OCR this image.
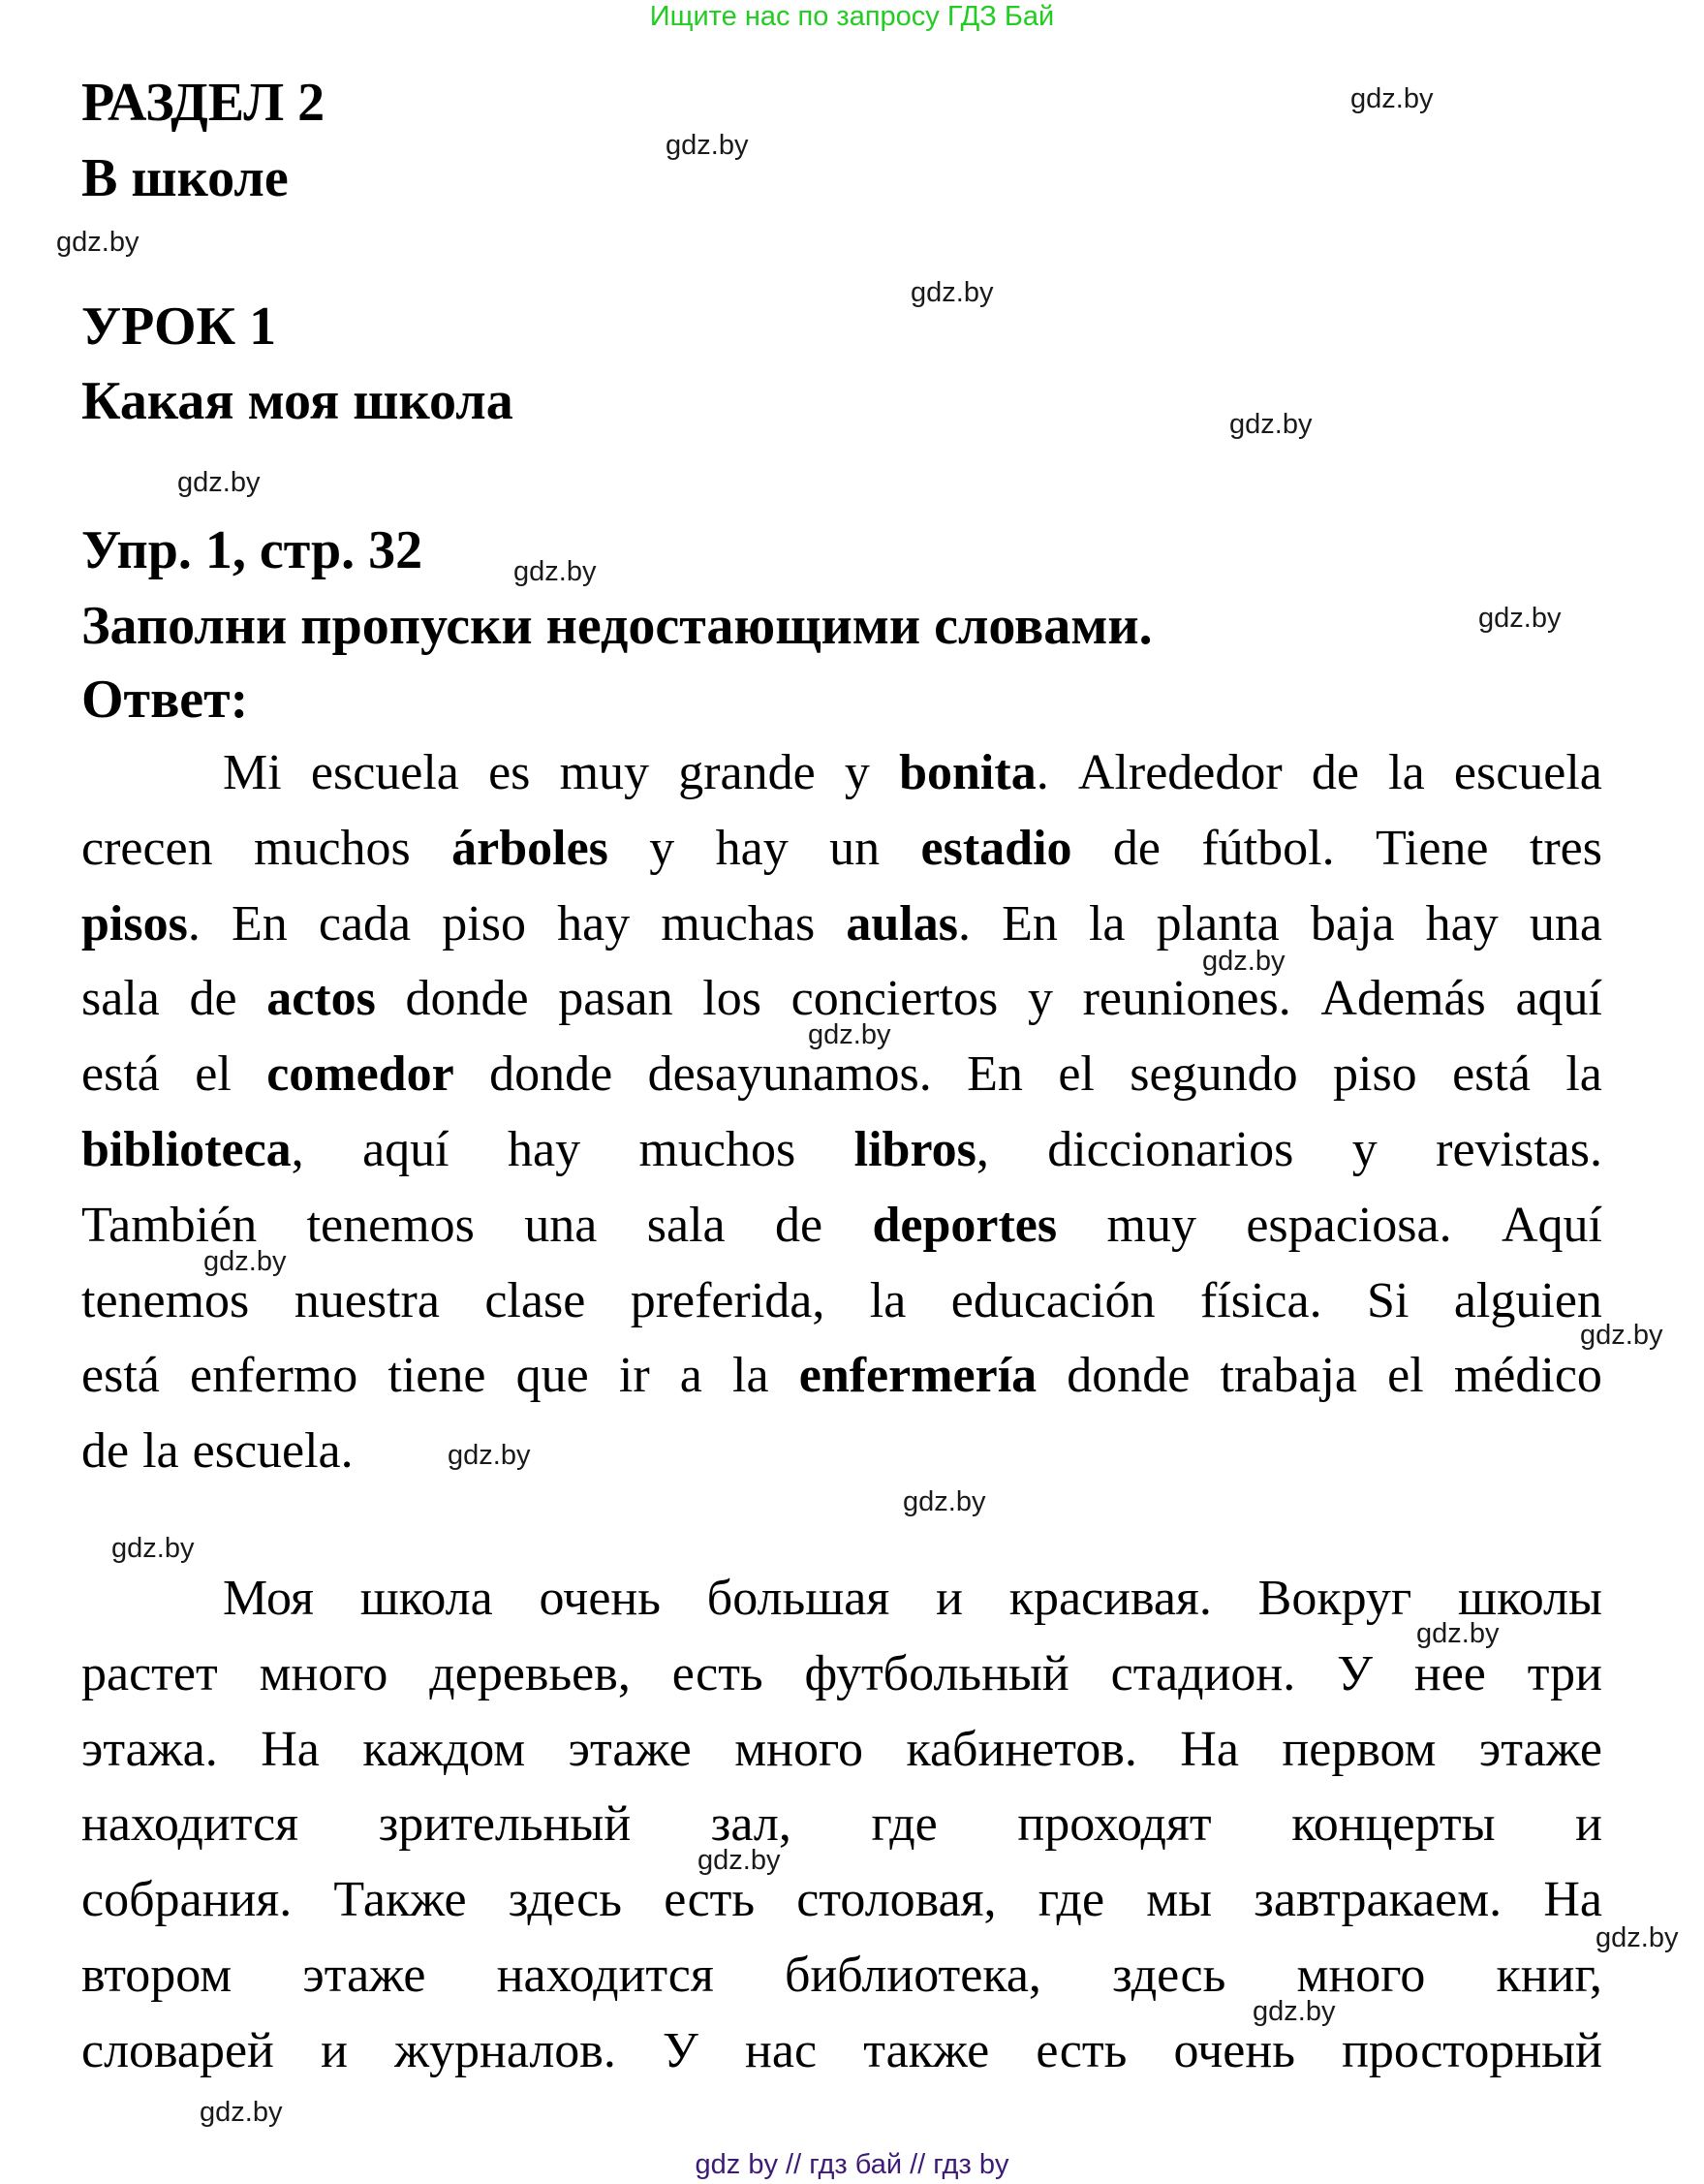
Ищите нас по запросу ГДЗ Бай
РАЗДЕЛ 2
В школе
УРОК 1
Какая моя школа
Упр. 1, стр. 32
Заполни пропуски недостающими словами.
Ответ:
Mi escuela es muy grande y bonita. Alrededor de la escuela
crecen muchos árboles y hay un estadio de fútbol. Tiene tres
pisos. En cada piso hay muchas aulas. En la planta baja hay una
sala de actos donde pasan los conciertos y reuniones. Además aquí
está el comedor donde desayunamos. En el segundo piso está la
biblioteca, aquí hay muchos libros, diccionarios y revistas.
También tenemos una sala de deportes muy espaciosa. Aquí
tenemos nuestra clase preferida, la educación física. Si alguien
está enfermo tiene que ir a la enfermería donde trabaja el médico
de la escuela.
Моя школа очень большая и красивая. Вокруг школы
растет много деревьев, есть футбольный стадион. У нее три
этажа. На каждом этаже много кабинетов. На первом этаже
находится зрительный зал, где проходят концерты и
собрания. Также здесь есть столовая, где мы завтракаем. На
втором этаже находится библиотека, здесь много книг,
словарей и журналов. У нас также есть очень просторный
gdz.by
gdz.by
gdz.by
gdz.by
gdz.by
gdz.by
gdz.by
gdz.by
gdz.by
gdz.by
gdz.by
gdz.by
gdz.by
gdz.by
gdz.by
gdz.by
gdz.by
gdz.by
gdz.by
gdz.by
gdz by // гдз бай // гдз by
